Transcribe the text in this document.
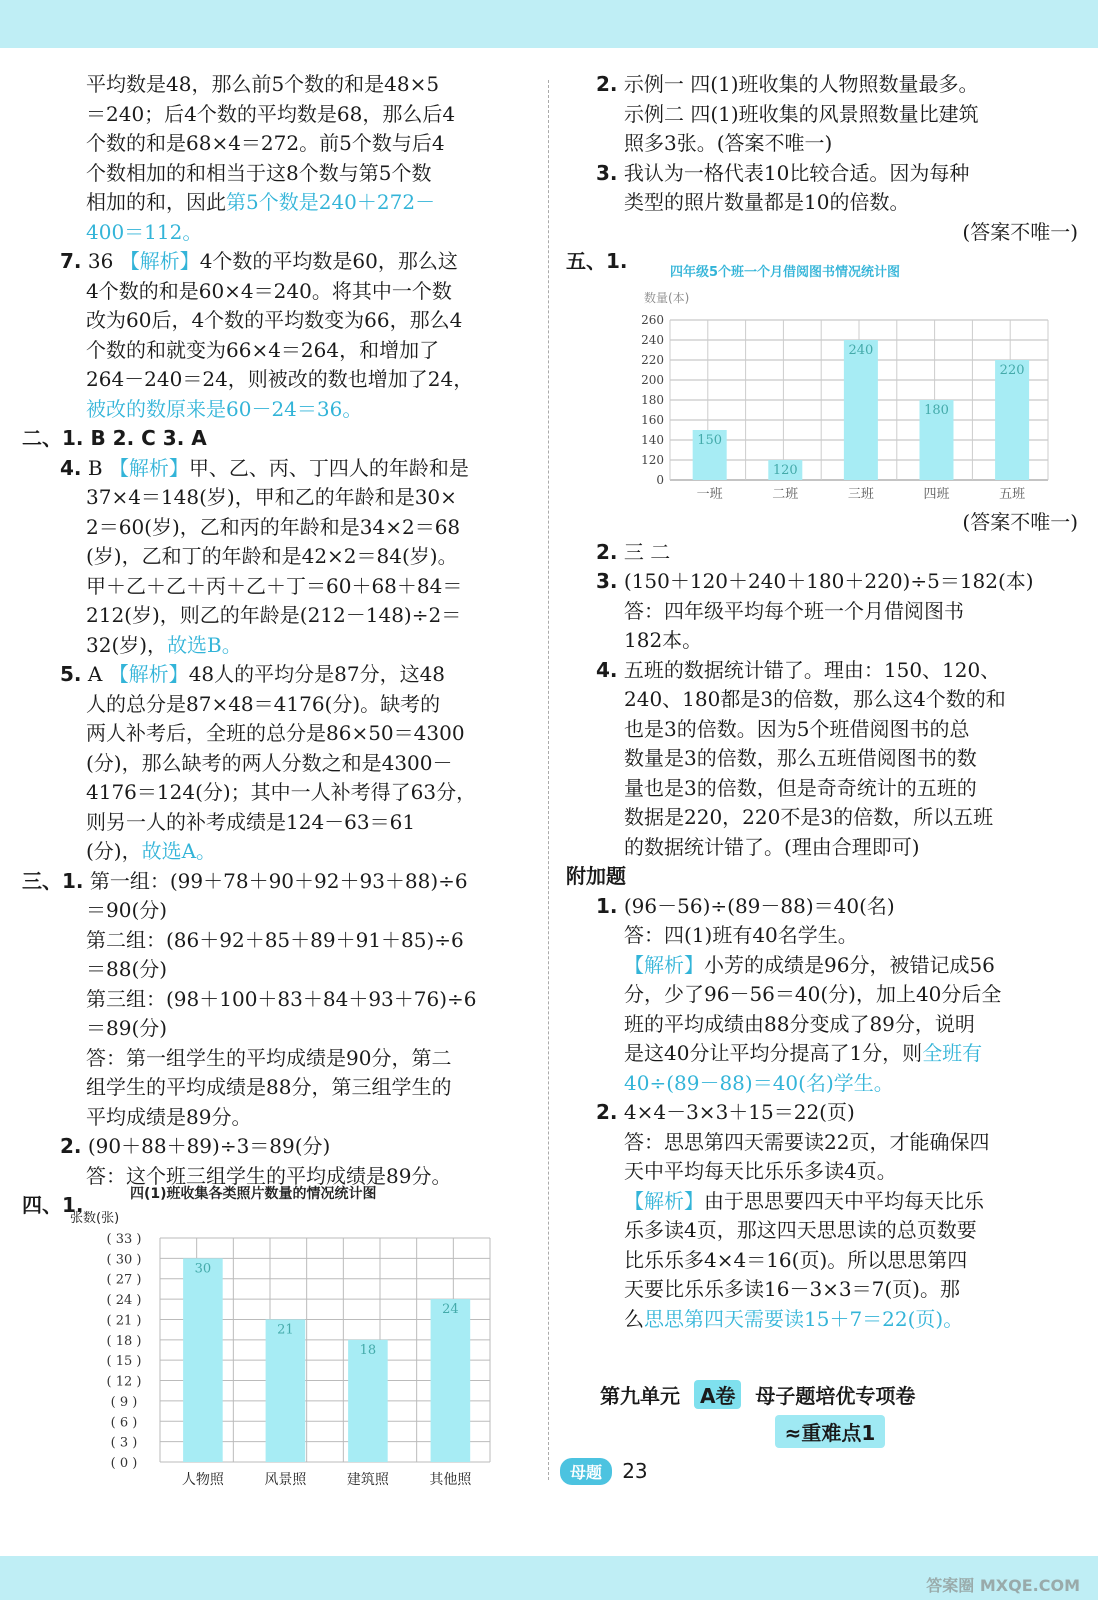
平均数是48，那么前5个数的和是48×5

＝240；后4个数的平均数是68，那么后4

个数的和是68×4＝272。前5个数与后4

个数相加的和相当于这8个数与第5个数

相加的和，因此第5个数是240＋272－

400＝112。

7. 36 【解析】4个数的平均数是60，那么这

4个数的和是60×4＝240。将其中一个数

改为60后，4个数的平均数变为66，那么4

个数的和就变为66×4＝264，和增加了

264－240＝24，则被改的数也增加了24，

被改的数原来是60－24＝36。

二、1. B 2. C 3. A

4. B 【解析】甲、乙、丙、丁四人的年龄和是

37×4＝148(岁)，甲和乙的年龄和是30×

2＝60(岁)，乙和丙的年龄和是34×2＝68

(岁)，乙和丁的年龄和是42×2＝84(岁)。

甲＋乙＋乙＋丙＋乙＋丁＝60＋68＋84＝

212(岁)，则乙的年龄是(212－148)÷2＝

32(岁)，故选B。

5. A 【解析】48人的平均分是87分，这48

人的总分是87×48＝4176(分)。缺考的

两人补考后，全班的总分是86×50＝4300

(分)，那么缺考的两人分数之和是4300－

4176＝124(分)；其中一人补考得了63分，

则另一人的补考成绩是124－63＝61

(分)，故选A。

三、1. 第一组：(99＋78＋90＋92＋93＋88)÷6

＝90(分)

第二组：(86＋92＋85＋89＋91＋85)÷6

＝88(分)

第三组：(98＋100＋83＋84＋93＋76)÷6

＝89(分)

答：第一组学生的平均成绩是90分，第二

组学生的平均成绩是88分，第三组学生的

平均成绩是89分。

2. (90＋88＋89)÷3＝89(分)

答：这个班三组学生的平均成绩是89分。

四、1.	四(1)班收集各类照片数量的情况统计图
张数(张)
( 33 )
( 30 )
( 27 )
( 24 )
( 21 )
( 18 )
( 15 )
( 12 )
( 9 )
( 6 )
( 3 )
( 0 )
30
人物照
21
风景照
18
建筑照
24
其他照

2. 示例一 四(1)班收集的人物照数量最多。

示例二 四(1)班收集的风景照数量比建筑

照多3张。(答案不唯一)

3. 我认为一格代表10比较合适。因为每种

类型的照片数量都是10的倍数。

(答案不唯一)

五、1.	四年级5个班一个月借阅图书情况统计图
数量(本)
260
240
220
200
180
160
140
120
0
150
一班
120
二班
240
三班
180
四班
220
五班

(答案不唯一)

2. 三 二

3. (150＋120＋240＋180＋220)÷5＝182(本)

答：四年级平均每个班一个月借阅图书

182本。

4. 五班的数据统计错了。理由：150、120、

240、180都是3的倍数，那么这4个数的和

也是3的倍数。因为5个班借阅图书的总

数量是3的倍数，那么五班借阅图书的数

量也是3的倍数，但是奇奇统计的五班的

数据是220，220不是3的倍数，所以五班

的数据统计错了。(理由合理即可)

附加题

1. (96－56)÷(89－88)＝40(名)

答：四(1)班有40名学生。

【解析】小芳的成绩是96分，被错记成56

分，少了96－56＝40(分)，加上40分后全

班的平均成绩由88分变成了89分，说明

是这40分让平均分提高了1分，则全班有

40÷(89－88)＝40(名)学生。

2. 4×4－3×3＋15＝22(页)

答：思思第四天需要读22页，才能确保四

天中平均每天比乐乐多读4页。

【解析】由于思思要四天中平均每天比乐

乐多读4页，那这四天思思读的总页数要

比乐乐多4×4＝16(页)。所以思思第四

天要比乐乐多读16－3×3＝7(页)。那

么思思第四天需要读15＋7＝22(页)。

第九单元 A卷 母子题培优专项卷
≈重难点1
母题 23
答案圈 MXQE.COM
